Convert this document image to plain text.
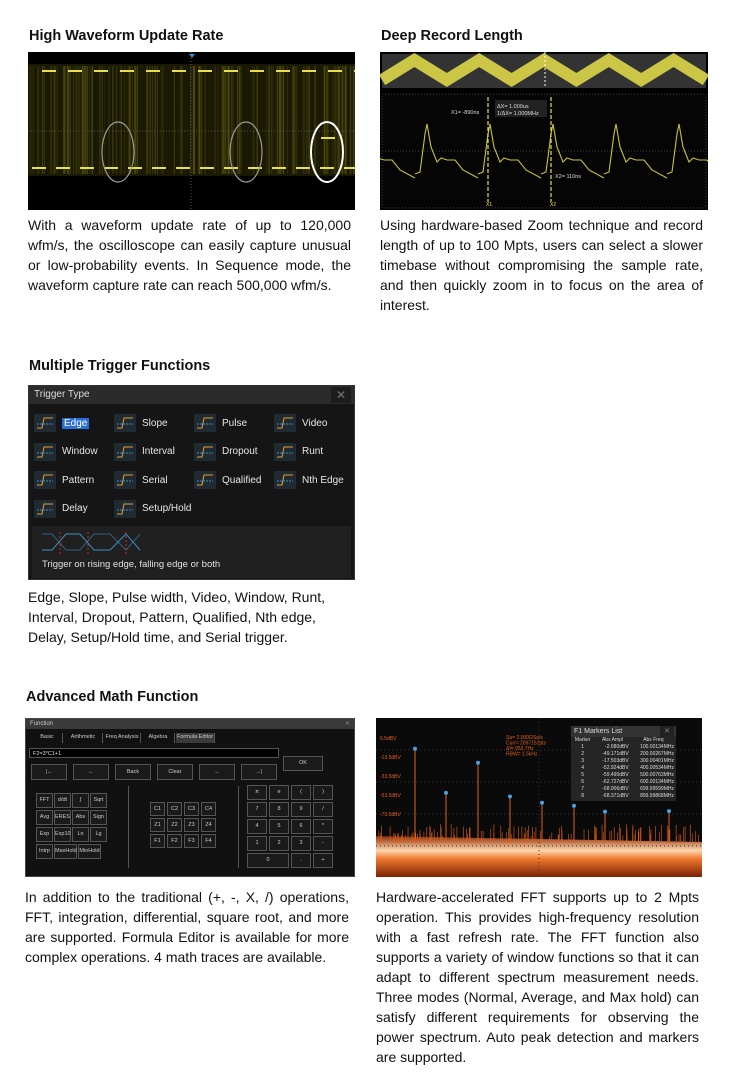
High Waveform Update Rate

With a waveform update rate of up to 120,000 wfm/s, the oscilloscope can easily capture unusual or low-probability events. In Sequence mode, the waveform capture rate can reach 500,000 wfm/s.

Deep Record Length
ΔX= 1.000us
1/ΔX= 1.000MHz
X1= -890ns
X2= 110ns
X1	X2

Using hardware-based Zoom technique and record length of up to 100 Mpts, users can select a slower timebase without compromising the sample rate, and then quickly zoom in to focus on the area of interest.

Multiple Trigger Functions
Trigger Type	✕
Edge	Slope	Pulse	Video
Window	Interval	Dropout	Runt
Pattern	Serial	Qualified	Nth Edge
Delay	Setup/Hold
Trigger on rising edge, falling edge or both

Edge, Slope, Pulse width, Video, Window, Runt, Interval, Dropout, Pattern, Qualified, Nth edge, Delay, Setup/Hold time, and Serial trigger.

Advanced Math Function
Function	✕
Basic	Arithmetic	Freq Analysis	Algebra	Formula Editor
|←	←	Back	Clear	→	→|
FFT	d/dt	∫	Sqrt
Avg	ERES	Abs	Sign
Exp	Exp10	Ln	Lg
Intrp MaxHold MinHold
C1	C2	C3	C4
Z1	Z2	Z3	Z4
F1	F2	F3	F4
π	e	(	)
7	8	9	/
4	5	6	*
1	2	3	-
0	.	+
F2=3*C1+1
OK

In addition to the traditional (+, -, X, /) operations, FFT, integration, differential, square root, and more are supported. Formula Editor is available for more complex operations. 4 math traces are available.

6.5dBV
-13.5dBV
-33.5dBV
-53.5dBV
-73.5dBV
Sa= 2.000GSa/s
Curr= 2097152pts
Δf= 953.7Hz
RBW= 1.5kHz
F1 Markers List	✕
Marker	Abs Ampl	Abs Freq
1	-2.680dBV	100.00134MHz
2	-49.171dBV	200.00267MHz
3	-17.503dBV	300.00401MHz
4	-52.924dBV	400.00534MHz
5	-59.490dBV	500.00763MHz
6	-62.727dBV	600.00134MHz
7	-68.906dBV	699.99599MHz
8	-68.371dBV	899.99868MHz

Hardware-accelerated FFT supports up to 2 Mpts operation. This provides high-frequency resolution with a fast refresh rate. The FFT function also supports a variety of window functions so that it can adapt to different spectrum measurement needs. Three modes (Normal, Average, and Max hold) can satisfy different requirements for observing the power spectrum. Auto peak detection and markers are supported.
